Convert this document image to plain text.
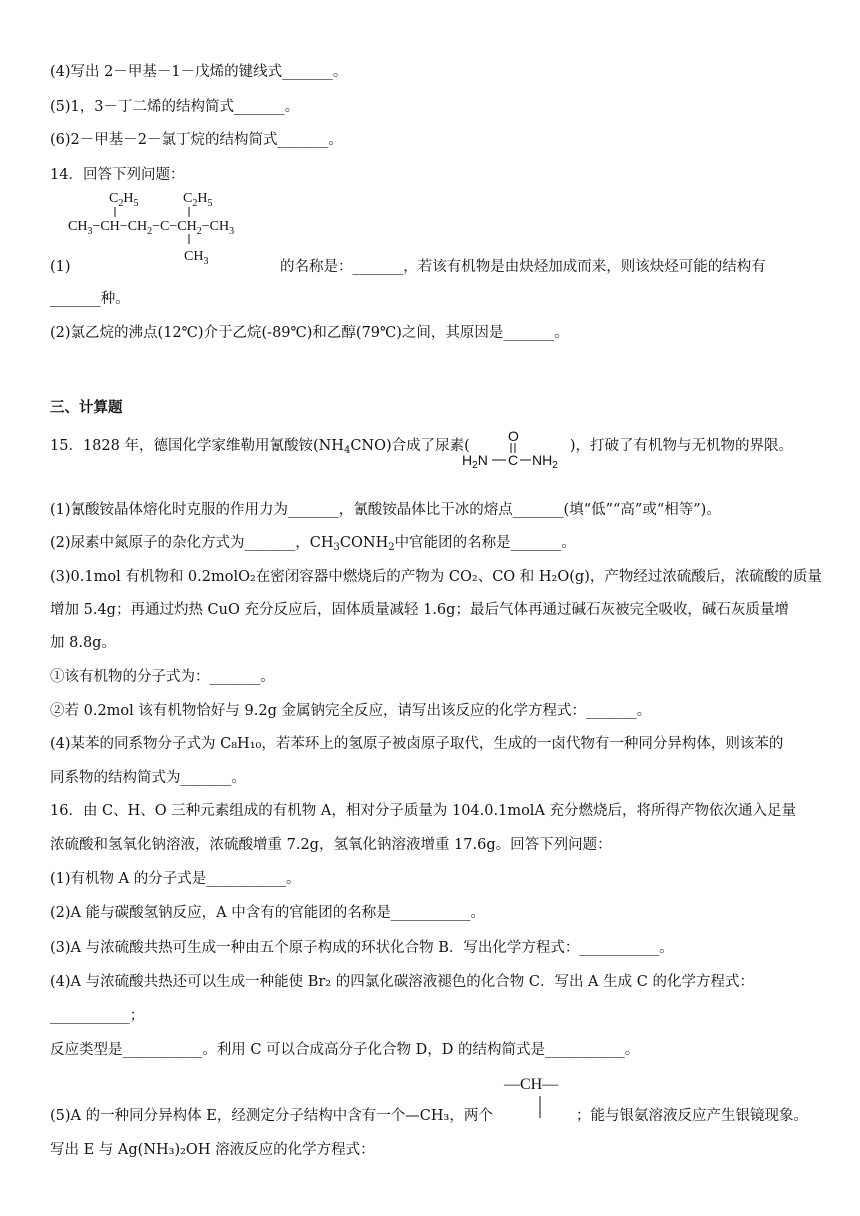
(4)写出 2－甲基－1－戊烯的键线式_______。
(5)1，3－丁二烯的结构简式_______。
(6)2－甲基－2－氯丁烷的结构简式_______。
14．回答下列问题：
$C_2H_5$	$C_2H_5$
$CH_3-CH-CH_2-C-CH_2-CH_3$
$CH_3$
(1)	的名称是：_______，若该有机物是由炔烃加成而来，则该炔烃可能的结构有
_______种。
(2)氯乙烷的沸点(12℃)介于乙烷(-89℃)和乙醇(79℃)之间，其原因是_______。
三、计算题
15．1828 年，德国化学家维勒用氰酸铵$(NH_4CNO)$合成了尿素(	)，打破了有机物与无机物的界限。
O
$H_2N$ C $NH_2$
(1)氰酸铵晶体熔化时克服的作用力为_______，氰酸铵晶体比干冰的熔点_______(填“低”“高”或“相等”)。
(2)尿素中氮原子的杂化方式为_______，$CH_3CONH_2$中官能团的名称是_______。
(3)0.1mol 有机物和 0.2molO₂在密闭容器中燃烧后的产物为 CO₂、CO 和 H₂O(g)，产物经过浓硫酸后，浓硫酸的质量
增加 5.4g；再通过灼热 CuO 充分反应后，固体质量减轻 1.6g；最后气体再通过碱石灰被完全吸收，碱石灰质量增
加 8.8g。
①该有机物的分子式为：_______。
②若 0.2mol 该有机物恰好与 9.2g 金属钠完全反应，请写出该反应的化学方程式：_______。
(4)某苯的同系物分子式为 C₈H₁₀，若苯环上的氢原子被卤原子取代，生成的一卤代物有一种同分异构体，则该苯的
同系物的结构简式为_______。
16．由 C、H、O 三种元素组成的有机物 A，相对分子质量为 104.0.1molA 充分燃烧后，将所得产物依次通入足量
浓硫酸和氢氧化钠溶液，浓硫酸增重 7.2g，氢氧化钠溶液增重 17.6g。回答下列问题：
(1)有机物 A 的分子式是___________。
(2)A 能与碳酸氢钠反应，A 中含有的官能团的名称是___________。
(3)A 与浓硫酸共热可生成一种由五个原子构成的环状化合物 B．写出化学方程式：___________。
(4)A 与浓硫酸共热还可以生成一种能使 Br₂ 的四氯化碳溶液褪色的化合物 C．写出 A 生成 C 的化学方程式：
___________；
反应类型是___________。利用 C 可以合成高分子化合物 D，D 的结构简式是___________。
—CH—
(5)A 的一种同分异构体 E，经测定分子结构中含有一个—CH₃，两个	；能与银氨溶液反应产生银镜现象。
写出 E 与 Ag(NH₃)₂OH 溶液反应的化学方程式：
